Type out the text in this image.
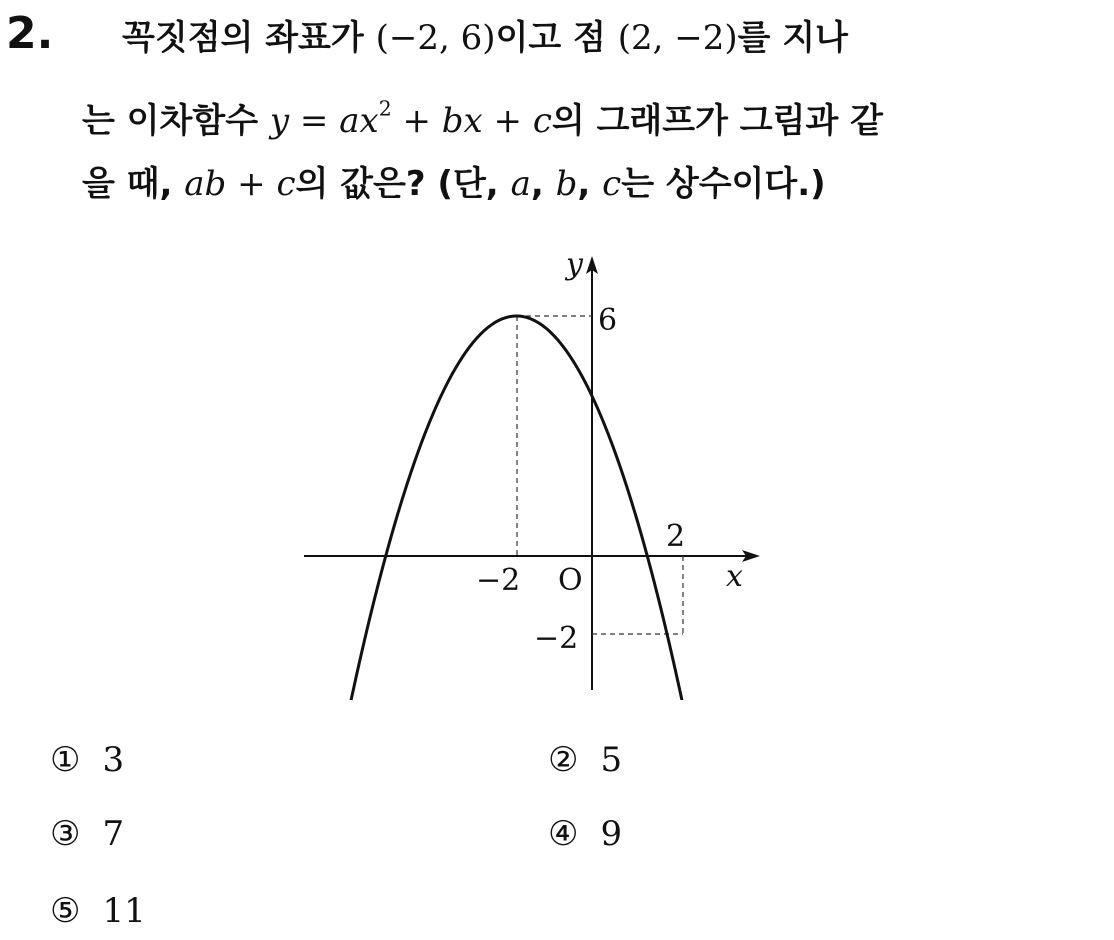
2. 꼭짓점의 좌표가 (−2, 6)이고 점 (2, −2)를 지나
는 이차함수 $y = ax^2$ + bx + c의 그래프가 그림과 같
을 때, ab + c의 값은? (단, a, b, c는 상수이다.)
y
x
O
6
−2
2
−2
① 3	② 5
③ 7	④ 9
⑤ 11
